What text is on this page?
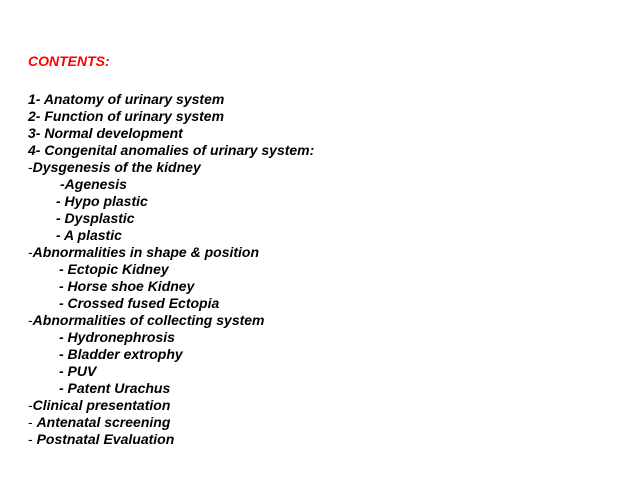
CONTENTS:
1- Anatomy of urinary system
2- Function of urinary system
3- Normal development
4- Congenital anomalies of urinary system:
-Dysgenesis of the kidney
-Agenesis
- Hypo plastic
- Dysplastic
- A plastic
-Abnormalities in shape & position
- Ectopic Kidney
- Horse shoe Kidney
- Crossed fused Ectopia
-Abnormalities of collecting system
- Hydronephrosis
- Bladder extrophy
- PUV
- Patent Urachus
-Clinical presentation
- Antenatal screening
- Postnatal Evaluation
